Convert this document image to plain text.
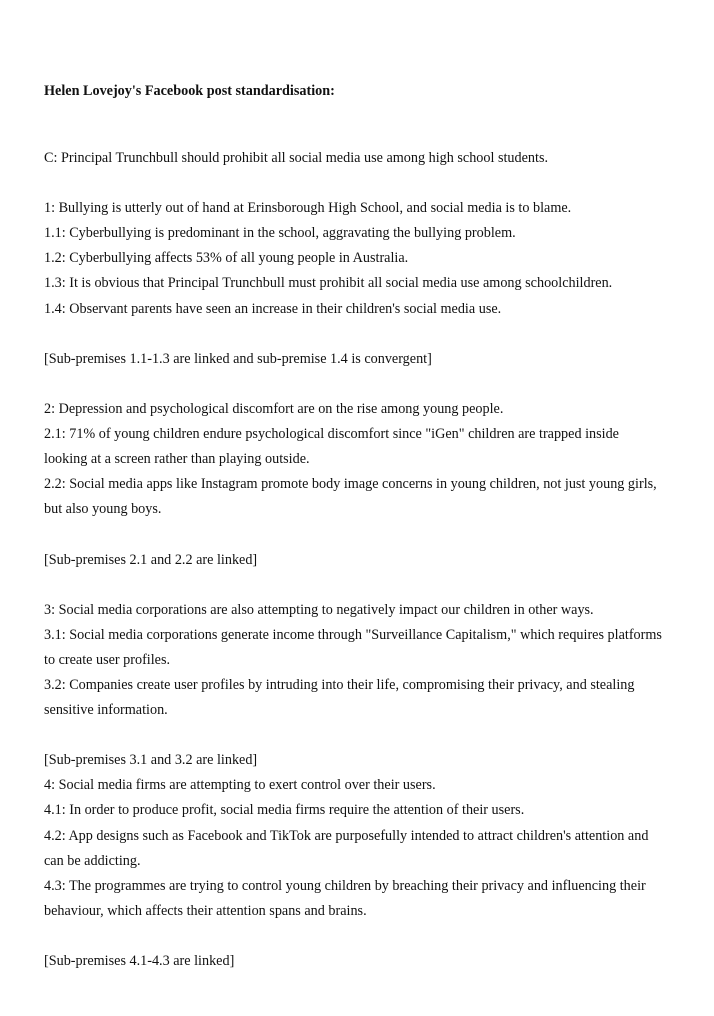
Helen Lovejoy's Facebook post standardisation:
C: Principal Trunchbull should prohibit all social media use among high school students.
1: Bullying is utterly out of hand at Erinsborough High School, and social media is to blame.
1.1: Cyberbullying is predominant in the school, aggravating the bullying problem.
1.2: Cyberbullying affects 53% of all young people in Australia.
1.3: It is obvious that Principal Trunchbull must prohibit all social media use among schoolchildren.
1.4: Observant parents have seen an increase in their children's social media use.
[Sub-premises 1.1-1.3 are linked and sub-premise 1.4 is convergent]
2: Depression and psychological discomfort are on the rise among young people.
2.1: 71% of young children endure psychological discomfort since "iGen" children are trapped inside
looking at a screen rather than playing outside.
2.2: Social media apps like Instagram promote body image concerns in young children, not just young girls,
but also young boys.
[Sub-premises 2.1 and 2.2 are linked]
3: Social media corporations are also attempting to negatively impact our children in other ways.
3.1: Social media corporations generate income through "Surveillance Capitalism," which requires platforms
to create user profiles.
3.2: Companies create user profiles by intruding into their life, compromising their privacy, and stealing
sensitive information.
[Sub-premises 3.1 and 3.2 are linked]
4: Social media firms are attempting to exert control over their users.
4.1: In order to produce profit, social media firms require the attention of their users.
4.2: App designs such as Facebook and TikTok are purposefully intended to attract children's attention and
can be addicting.
4.3: The programmes are trying to control young children by breaching their privacy and influencing their
behaviour, which affects their attention spans and brains.
[Sub-premises 4.1-4.3 are linked]
